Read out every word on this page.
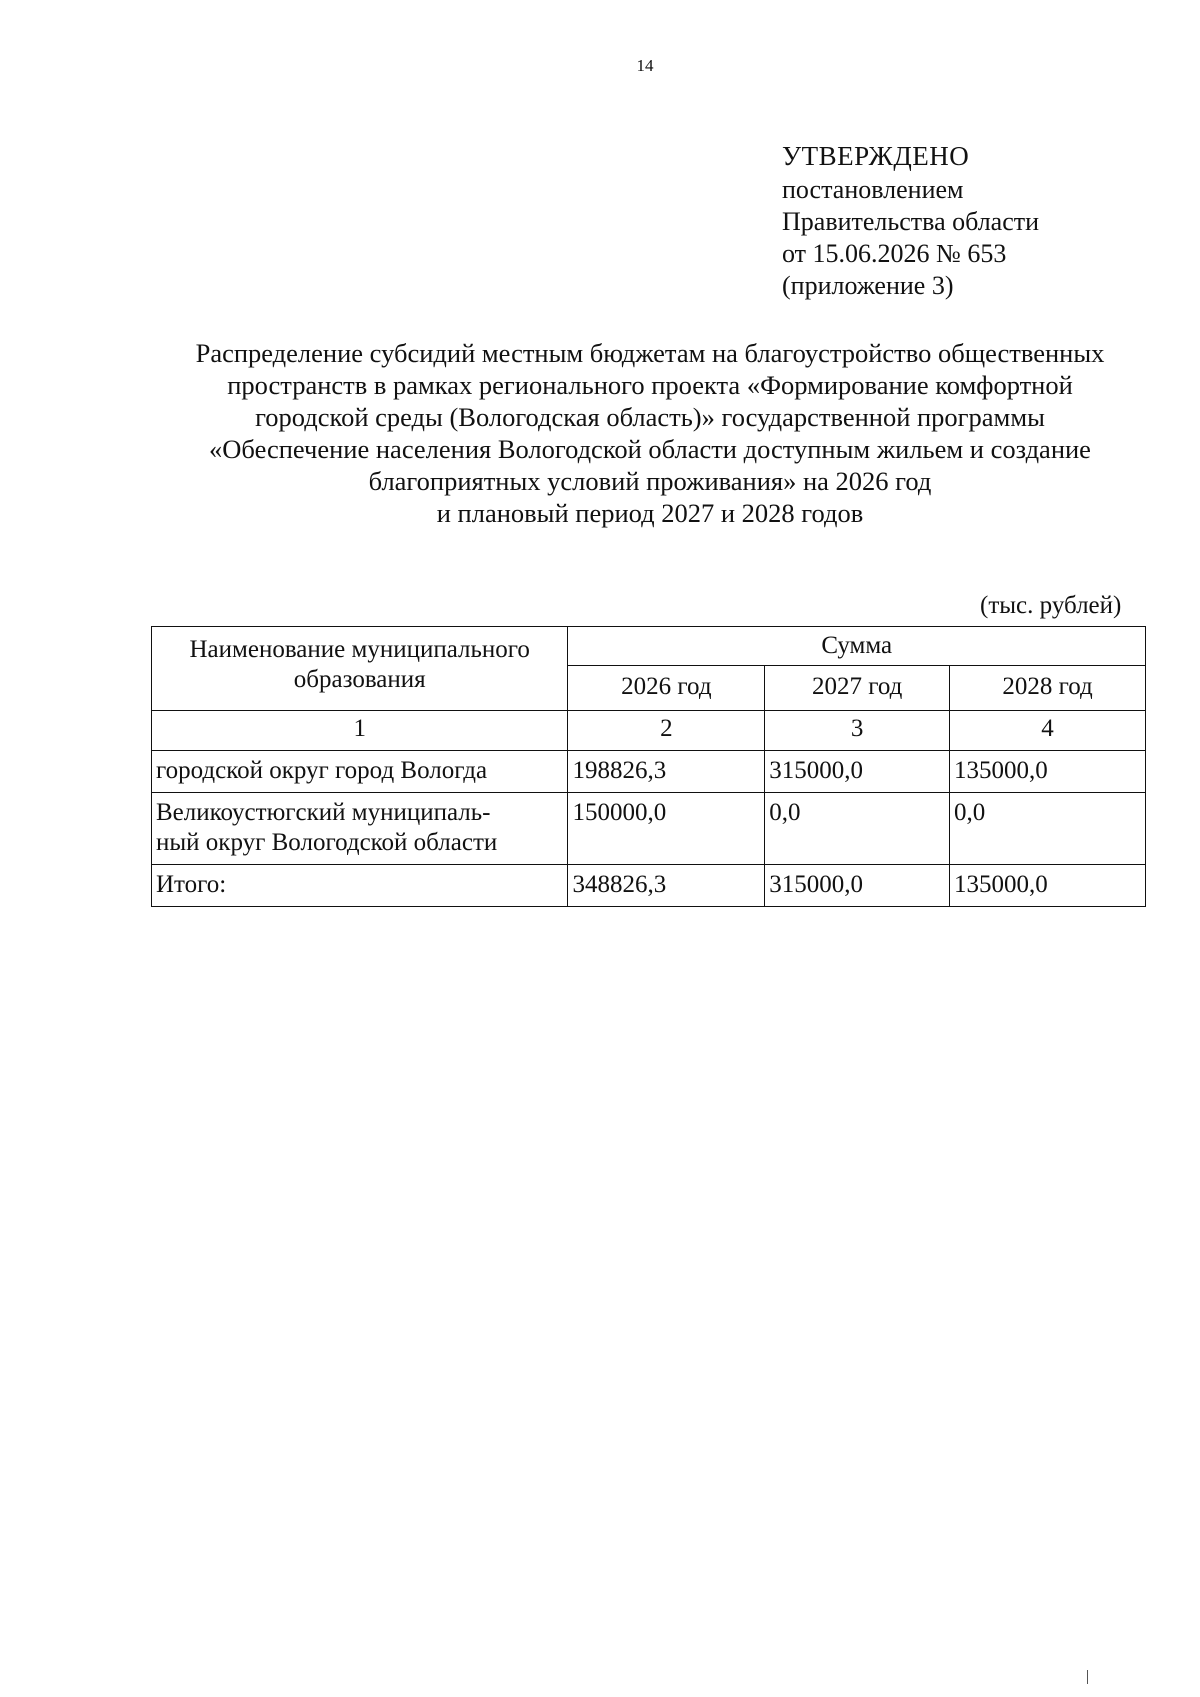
14
УТВЕРЖДЕНО
постановлением
Правительства области
от 15.06.2026 № 653
(приложение 3)
Распределение субсидий местным бюджетам на благоустройство общественных
пространств в рамках регионального проекта «Формирование комфортной
городской среды (Вологодская область)» государственной программы
«Обеспечение населения Вологодской области доступным жильем и создание
благоприятных условий проживания» на 2026 год
и плановый период 2027 и 2028 годов
(тыс. рублей)
Наименование муниципального образования	Сумма		
	2026 год	2027 год	2028 год
1	2	3	4
городской округ город Вологда	198826,3	315000,0	135000,0

Великоустюгский муниципаль-
ный округ Вологодской области	150000,0	0,0	0,0
Итого:	348826,3	315000,0	135000,0
